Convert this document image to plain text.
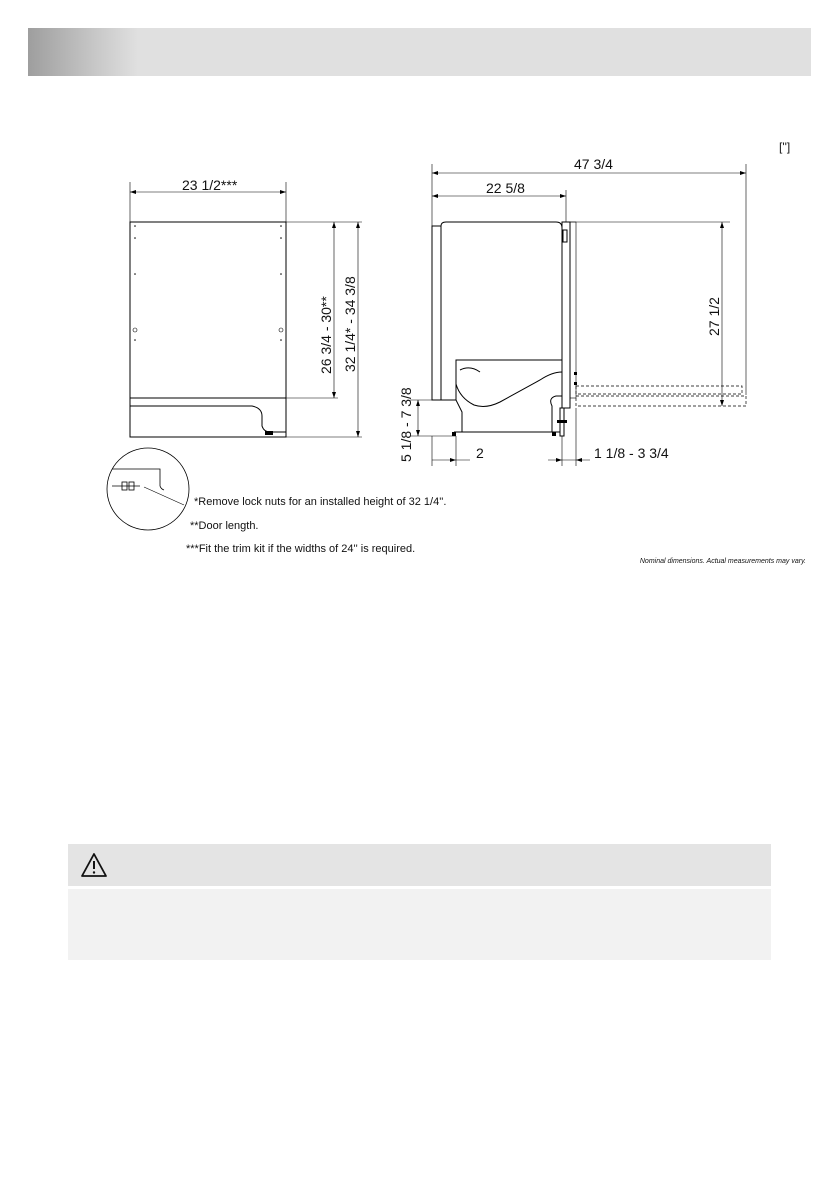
['']
23 1/2***
26 3/4 - 30** 32 1/4* - 34 3/8
47 3/4
22 5/8
27 1/2
5 1/8 - 7 3/8	2	1 1/8 - 3 3/4
*Remove lock nuts for an installed height of 32 1/4''.
**Door length.
***Fit the trim kit if the widths of 24'' is required.
Nominal dimensions. Actual measurements may vary.
